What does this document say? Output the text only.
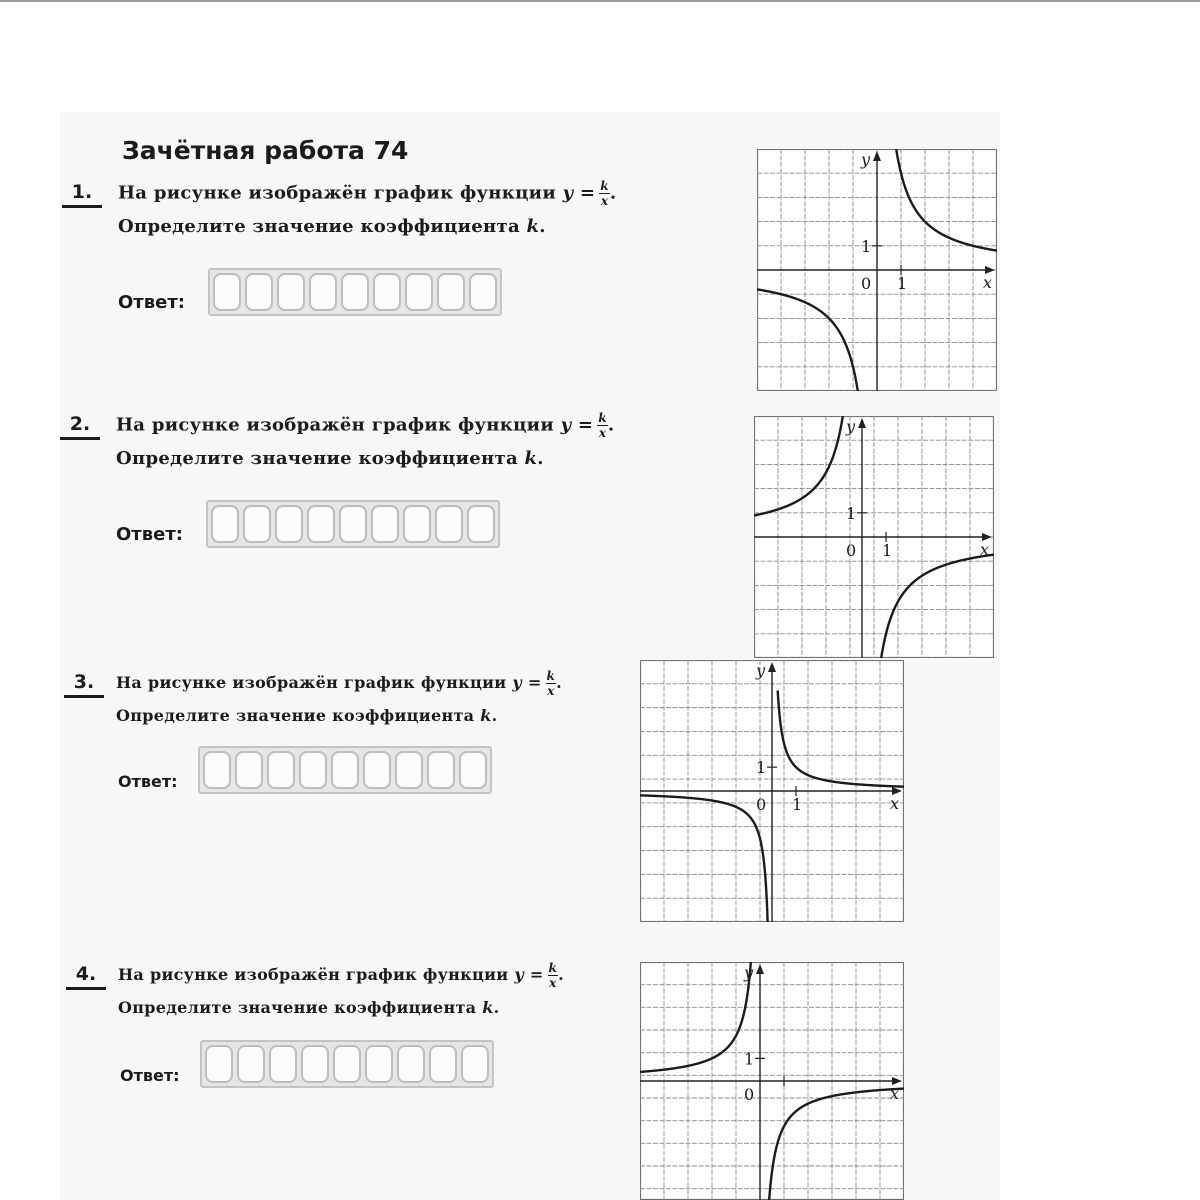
Зачётная работа 74
1.	На рисунке изображён график функции $y = \frac{k}{x}$ .
Определите значение коэффициента k.
Ответ:
2.	На рисунке изображён график функции $y = \frac{k}{x}$ .
Определите значение коэффициента k.
Ответ:
3.	На рисунке изображён график функции $y = \frac{k}{x}$ .
Определите значение коэффициента k.
Ответ:
4.	На рисунке изображён график функции $y = \frac{k}{x}$ .
Определите значение коэффициента k.
Ответ:
x
y
0 1
1
x
y
0 1
1
x
y
0 1
1
x
y
0
1
